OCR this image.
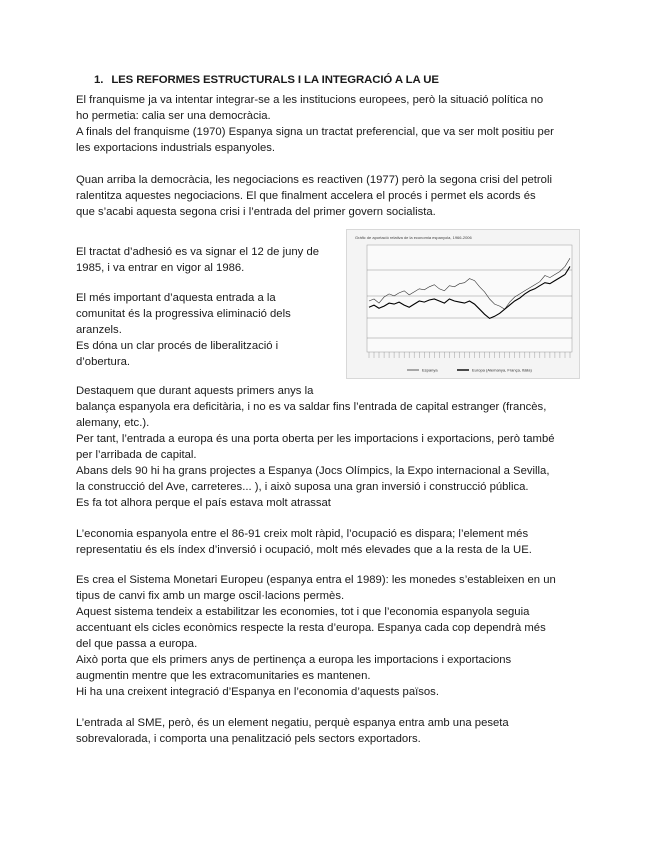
1. LES REFORMES ESTRUCTURALS I LA INTEGRACIÓ A LA UE
El franquisme ja va intentar integrar-se a les institucions europees, però la situació política no
ho permetia: calia ser una democràcia.
A finals del franquisme (1970) Espanya signa un tractat preferencial, que va ser molt positiu per
les exportacions industrials espanyoles.
Quan arriba la democràcia, les negociacions es reactiven (1977) però la segona crisi del petroli
ralentitza aquestes negociacions. El que finalment accelera el procés i permet els acords és
que s’acabi aquesta segona crisi i l’entrada del primer govern socialista.
El tractat d’adhesió es va signar el 12 de juny de
1985, i va entrar en vigor al 1986.
El més important d’aquesta entrada a la
comunitat és la progressiva eliminació dels
aranzels.
Es dóna un clar procés de liberalització i
d’obertura.
Destaquem que durant aquests primers anys la
balança espanyola era deficitària, i no es va saldar fins l’entrada de capital estranger (francès,
alemany, etc.).
Per tant, l’entrada a europa és una porta oberta per les importacions i exportacions, però també
per l’arribada de capital.
Abans dels 90 hi ha grans projectes a Espanya (Jocs Olímpics, la Expo internacional a Sevilla,
la construcció del Ave, carreteres... ), i això suposa una gran inversió i construcció pública.
Es fa tot alhora perque el país estava molt atrassat
L’economia espanyola entre el 86-91 creix molt ràpid, l’ocupació es dispara; l’element més
representatiu és els índex d’inversió i ocupació, molt més elevades que a la resta de la UE.
Es crea el Sistema Monetari Europeu (espanya entra el 1989): les monedes s’estableixen en un
tipus de canvi fix amb un marge oscil·lacions permès.
Aquest sistema tendeix a estabilitzar les economies, tot i que l’economia espanyola seguia
accentuant els cicles econòmics respecte la resta d’europa. Espanya cada cop dependrà més
del que passa a europa.
Això porta que els primers anys de pertinença a europa les importacions i exportacions
augmentin mentre que les extracomunitaries es mantenen.
Hi ha una creixent integració d’Espanya en l’economia d’aquests països.
L’entrada al SME, però, és un element negatiu, perquè espanya entra amb una peseta
sobrevalorada, i comporta una penalització pels sectors exportadors.
Gràfic de aportació relativa de la economia espanyola, 1966-2006
Espanya	Europa (Alemanya, França, Itàlia)
